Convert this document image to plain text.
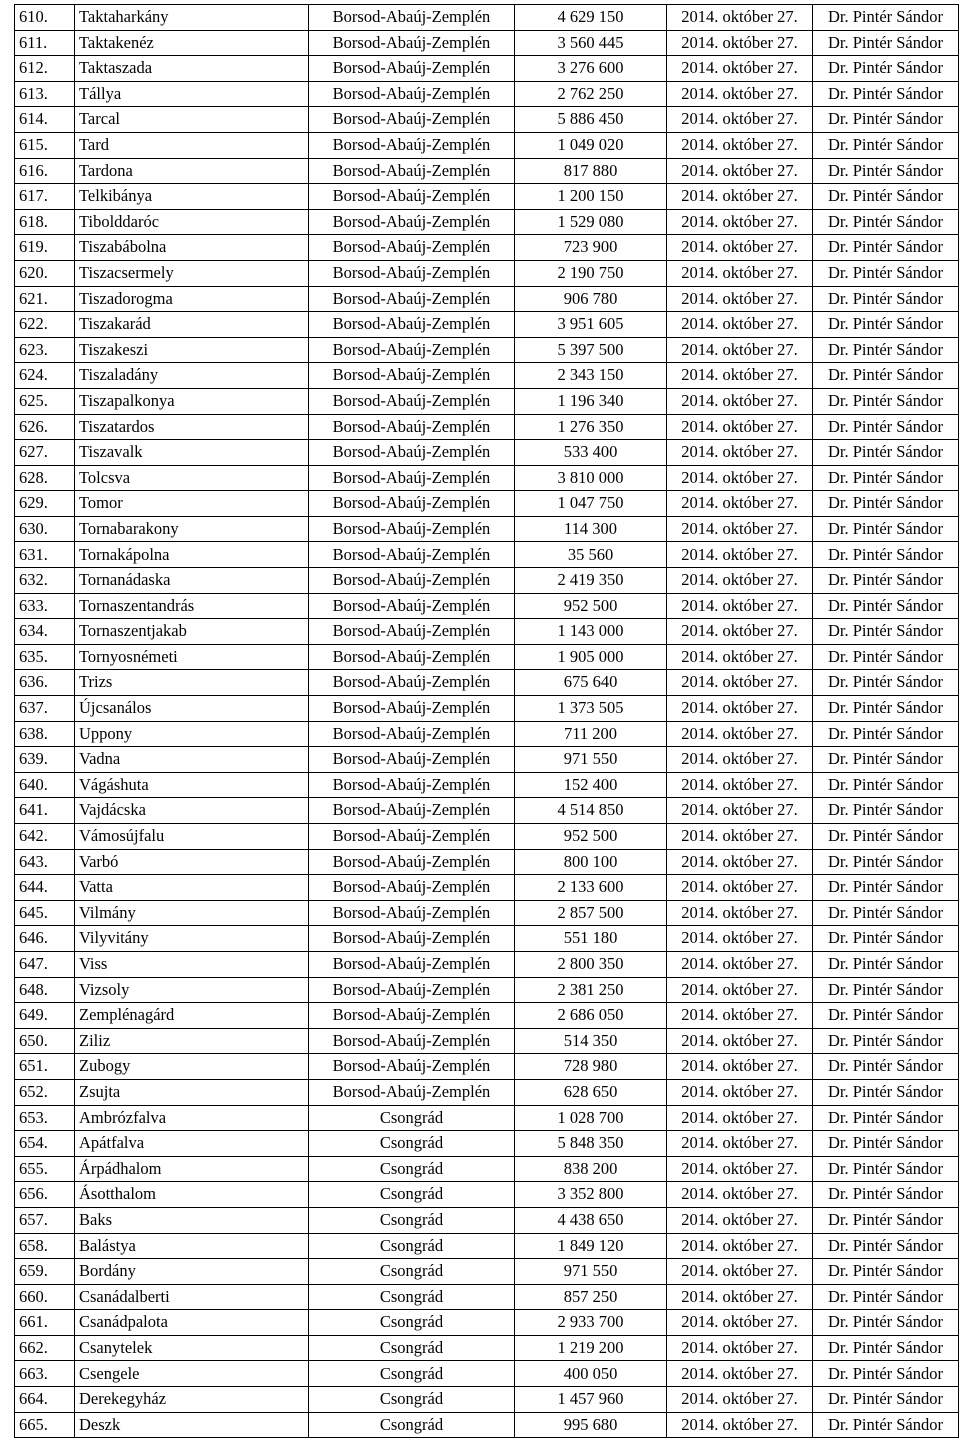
610.	Taktaharkány	Borsod-Abaúj-Zemplén	4 629 150	2014. október 27.	Dr. Pintér Sándor
611.	Taktakenéz	Borsod-Abaúj-Zemplén	3 560 445	2014. október 27.	Dr. Pintér Sándor
612.	Taktaszada	Borsod-Abaúj-Zemplén	3 276 600	2014. október 27.	Dr. Pintér Sándor
613.	Tállya	Borsod-Abaúj-Zemplén	2 762 250	2014. október 27.	Dr. Pintér Sándor
614.	Tarcal	Borsod-Abaúj-Zemplén	5 886 450	2014. október 27.	Dr. Pintér Sándor
615.	Tard	Borsod-Abaúj-Zemplén	1 049 020	2014. október 27.	Dr. Pintér Sándor
616.	Tardona	Borsod-Abaúj-Zemplén	817 880	2014. október 27.	Dr. Pintér Sándor
617.	Telkibánya	Borsod-Abaúj-Zemplén	1 200 150	2014. október 27.	Dr. Pintér Sándor
618.	Tibolddaróc	Borsod-Abaúj-Zemplén	1 529 080	2014. október 27.	Dr. Pintér Sándor
619.	Tiszabábolna	Borsod-Abaúj-Zemplén	723 900	2014. október 27.	Dr. Pintér Sándor
620.	Tiszacsermely	Borsod-Abaúj-Zemplén	2 190 750	2014. október 27.	Dr. Pintér Sándor
621.	Tiszadorogma	Borsod-Abaúj-Zemplén	906 780	2014. október 27.	Dr. Pintér Sándor
622.	Tiszakarád	Borsod-Abaúj-Zemplén	3 951 605	2014. október 27.	Dr. Pintér Sándor
623.	Tiszakeszi	Borsod-Abaúj-Zemplén	5 397 500	2014. október 27.	Dr. Pintér Sándor
624.	Tiszaladány	Borsod-Abaúj-Zemplén	2 343 150	2014. október 27.	Dr. Pintér Sándor
625.	Tiszapalkonya	Borsod-Abaúj-Zemplén	1 196 340	2014. október 27.	Dr. Pintér Sándor
626.	Tiszatardos	Borsod-Abaúj-Zemplén	1 276 350	2014. október 27.	Dr. Pintér Sándor
627.	Tiszavalk	Borsod-Abaúj-Zemplén	533 400	2014. október 27.	Dr. Pintér Sándor
628.	Tolcsva	Borsod-Abaúj-Zemplén	3 810 000	2014. október 27.	Dr. Pintér Sándor
629.	Tomor	Borsod-Abaúj-Zemplén	1 047 750	2014. október 27.	Dr. Pintér Sándor
630.	Tornabarakony	Borsod-Abaúj-Zemplén	114 300	2014. október 27.	Dr. Pintér Sándor
631.	Tornakápolna	Borsod-Abaúj-Zemplén	35 560	2014. október 27.	Dr. Pintér Sándor
632.	Tornanádaska	Borsod-Abaúj-Zemplén	2 419 350	2014. október 27.	Dr. Pintér Sándor
633.	Tornaszentandrás	Borsod-Abaúj-Zemplén	952 500	2014. október 27.	Dr. Pintér Sándor
634.	Tornaszentjakab	Borsod-Abaúj-Zemplén	1 143 000	2014. október 27.	Dr. Pintér Sándor
635.	Tornyosnémeti	Borsod-Abaúj-Zemplén	1 905 000	2014. október 27.	Dr. Pintér Sándor
636.	Trizs	Borsod-Abaúj-Zemplén	675 640	2014. október 27.	Dr. Pintér Sándor
637.	Újcsanálos	Borsod-Abaúj-Zemplén	1 373 505	2014. október 27.	Dr. Pintér Sándor
638.	Uppony	Borsod-Abaúj-Zemplén	711 200	2014. október 27.	Dr. Pintér Sándor
639.	Vadna	Borsod-Abaúj-Zemplén	971 550	2014. október 27.	Dr. Pintér Sándor
640.	Vágáshuta	Borsod-Abaúj-Zemplén	152 400	2014. október 27.	Dr. Pintér Sándor
641.	Vajdácska	Borsod-Abaúj-Zemplén	4 514 850	2014. október 27.	Dr. Pintér Sándor
642.	Vámosújfalu	Borsod-Abaúj-Zemplén	952 500	2014. október 27.	Dr. Pintér Sándor
643.	Varbó	Borsod-Abaúj-Zemplén	800 100	2014. október 27.	Dr. Pintér Sándor
644.	Vatta	Borsod-Abaúj-Zemplén	2 133 600	2014. október 27.	Dr. Pintér Sándor
645.	Vilmány	Borsod-Abaúj-Zemplén	2 857 500	2014. október 27.	Dr. Pintér Sándor
646.	Vilyvitány	Borsod-Abaúj-Zemplén	551 180	2014. október 27.	Dr. Pintér Sándor
647.	Viss	Borsod-Abaúj-Zemplén	2 800 350	2014. október 27.	Dr. Pintér Sándor
648.	Vizsoly	Borsod-Abaúj-Zemplén	2 381 250	2014. október 27.	Dr. Pintér Sándor
649.	Zemplénagárd	Borsod-Abaúj-Zemplén	2 686 050	2014. október 27.	Dr. Pintér Sándor
650.	Ziliz	Borsod-Abaúj-Zemplén	514 350	2014. október 27.	Dr. Pintér Sándor
651.	Zubogy	Borsod-Abaúj-Zemplén	728 980	2014. október 27.	Dr. Pintér Sándor
652.	Zsujta	Borsod-Abaúj-Zemplén	628 650	2014. október 27.	Dr. Pintér Sándor
653.	Ambrózfalva	Csongrád	1 028 700	2014. október 27.	Dr. Pintér Sándor
654.	Apátfalva	Csongrád	5 848 350	2014. október 27.	Dr. Pintér Sándor
655.	Árpádhalom	Csongrád	838 200	2014. október 27.	Dr. Pintér Sándor
656.	Ásotthalom	Csongrád	3 352 800	2014. október 27.	Dr. Pintér Sándor
657.	Baks	Csongrád	4 438 650	2014. október 27.	Dr. Pintér Sándor
658.	Balástya	Csongrád	1 849 120	2014. október 27.	Dr. Pintér Sándor
659.	Bordány	Csongrád	971 550	2014. október 27.	Dr. Pintér Sándor
660.	Csanádalberti	Csongrád	857 250	2014. október 27.	Dr. Pintér Sándor
661.	Csanádpalota	Csongrád	2 933 700	2014. október 27.	Dr. Pintér Sándor
662.	Csanytelek	Csongrád	1 219 200	2014. október 27.	Dr. Pintér Sándor
663.	Csengele	Csongrád	400 050	2014. október 27.	Dr. Pintér Sándor
664.	Derekegyház	Csongrád	1 457 960	2014. október 27.	Dr. Pintér Sándor
665.	Deszk	Csongrád	995 680	2014. október 27.	Dr. Pintér Sándor
